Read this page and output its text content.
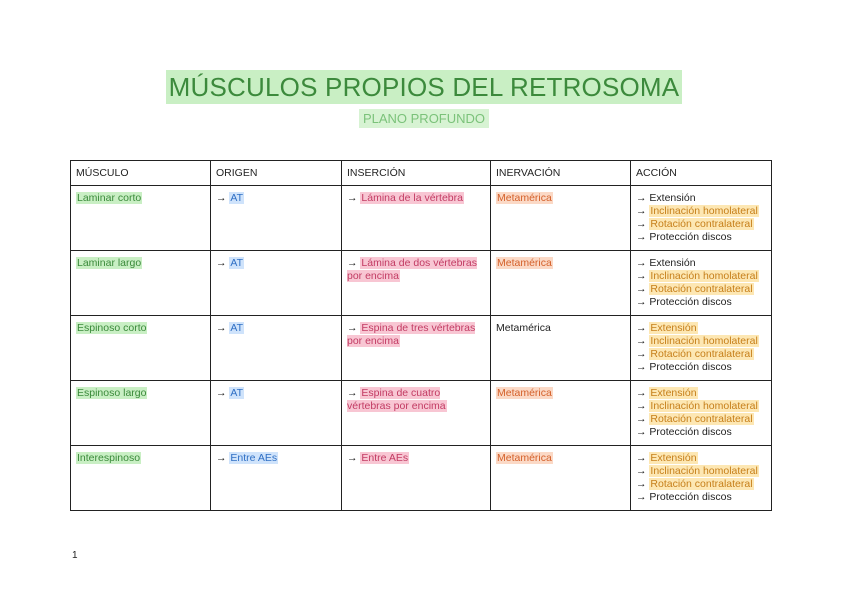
MÚSCULOS PROPIOS DEL RETROSOMA
PLANO PROFUNDO
MÚSCULO	ORIGEN	INSERCIÓN	INERVACIÓN	ACCIÓN
Laminar corto	→ AT	→ Lámina de la vértebra	Metamérica	→ Extensión
→ Inclinación homolateral
→ Rotación contralateral
→ Protección discos

Laminar largo	→ AT	→ Lámina de dos vértebras por encima	Metamérica	→ Extensión
→ Inclinación homolateral
→ Rotación contralateral
→ Protección discos

Espinoso corto	→ AT	→ Espina de tres vértebras por encima	Metamérica	→ Extensión
→ Inclinación homolateral
→ Rotación contralateral
→ Protección discos

Espinoso largo	→ AT	→ Espina de cuatro vértebras por encima	Metamérica	→ Extensión
→ Inclinación homolateral
→ Rotación contralateral
→ Protección discos

Interespinoso	→ Entre AEs	→ Entre AEs	Metamérica	→ Extensión
→ Inclinación homolateral
→ Rotación contralateral
→ Protección discos
1
